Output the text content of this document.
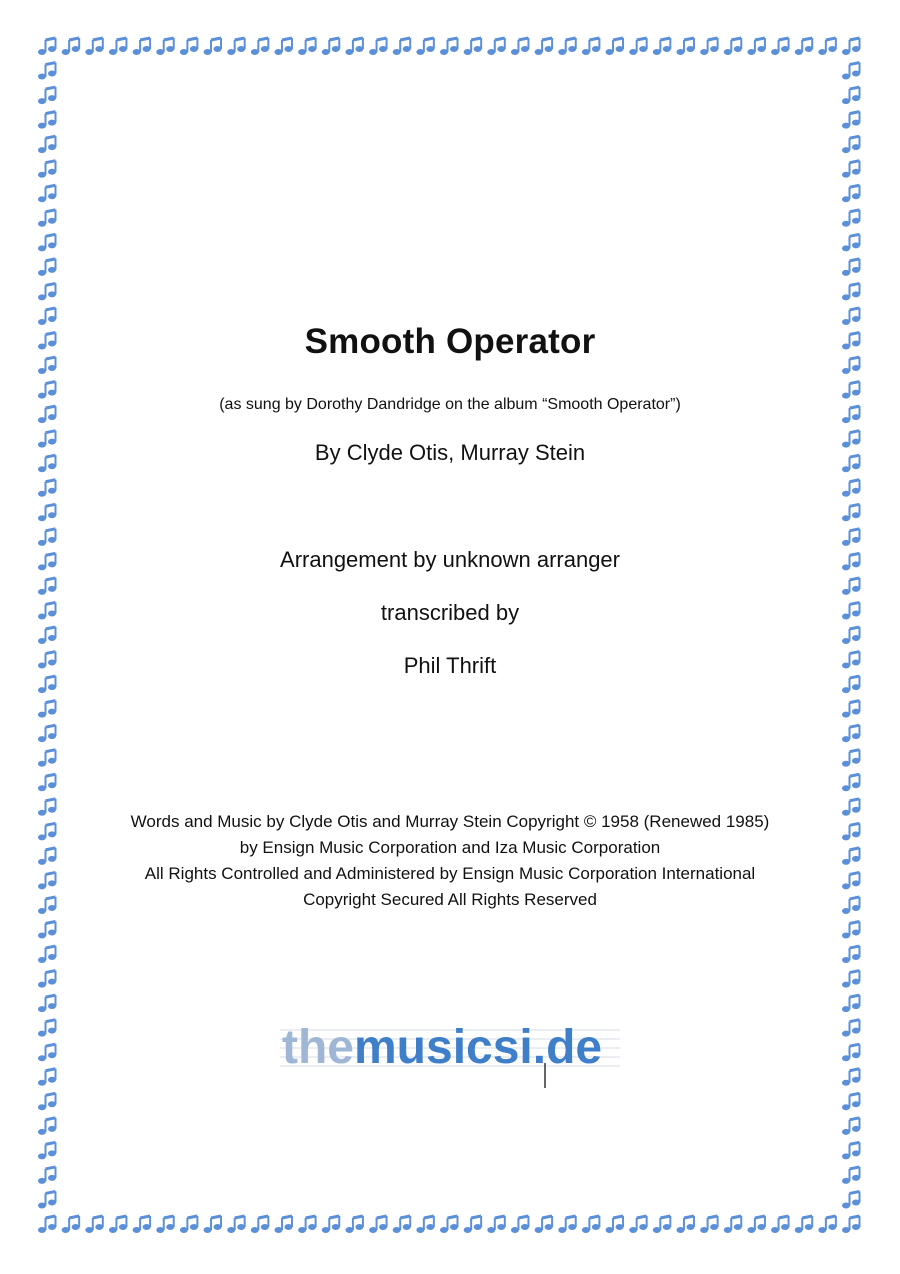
Smooth Operator
(as sung by Dorothy Dandridge on the album “Smooth Operator”)
By Clyde Otis, Murray Stein
Arrangement by unknown arranger
transcribed by
Phil Thrift
Words and Music by Clyde Otis and Murray Stein Copyright © 1958 (Renewed 1985)
by Ensign Music Corporation and Iza Music Corporation
All Rights Controlled and Administered by Ensign Music Corporation International
Copyright Secured All Rights Reserved
themusicsi.de
